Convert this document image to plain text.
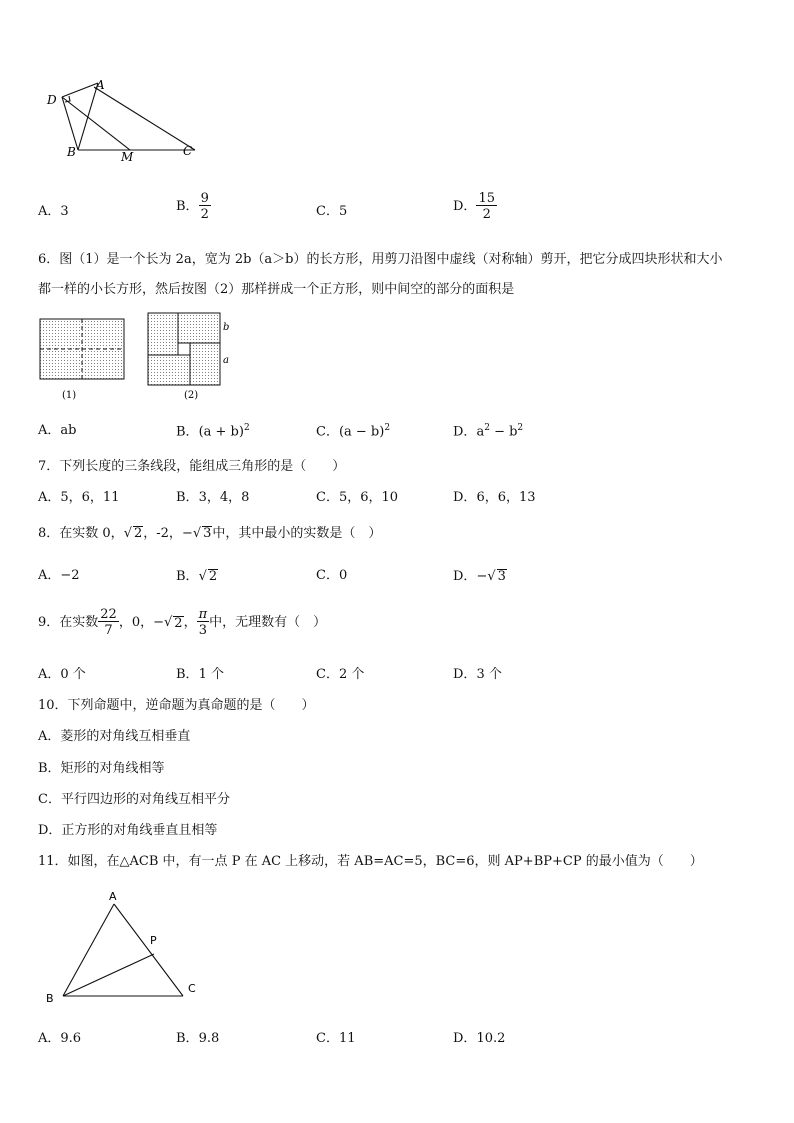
A
D
B	M	C
A．3	B． $\frac{9}{2}$	C．5	D． $\frac{15}{2}$
6．图（1）是一个长为 2a，宽为 2b（a＞b）的长方形，用剪刀沿图中虚线（对称轴）剪开，把它分成四块形状和大小
都一样的小长方形，然后按图（2）那样拼成一个正方形，则中间空的部分的面积是
(1)
b
a
(2)
A．ab	B．$(a + b)^2$	C．$(a - b)^2$	D．$a^2 - b^2$
7．下列长度的三条线段，能组成三角形的是（　　）
A．5，6，11	B．3，4，8	C．5，6，10	D．6，6，13
8．在实数 0，√ 2，-2，−√ 3中，其中最小的实数是（　）
A．−2	B．√ 2	C．0	D．−√ 3
9．在实数 $\frac{22}{7}$ ，0，−√ 2， $\frac{\pi}{3}$ 中，无理数有（　）
A．0 个	B．1 个	C．2 个	D．3 个
10．下列命题中，逆命题为真命题的是（　　）
A．菱形的对角线互相垂直
B．矩形的对角线相等
C．平行四边形的对角线互相平分
D．正方形的对角线垂直且相等
11．如图，在△ACB 中，有一点 P 在 AC 上移动，若 AB=AC=5，BC=6，则 AP+BP+CP 的最小值为（　　）
A
P
B
C
A．9.6	B．9.8	C．11	D．10.2
